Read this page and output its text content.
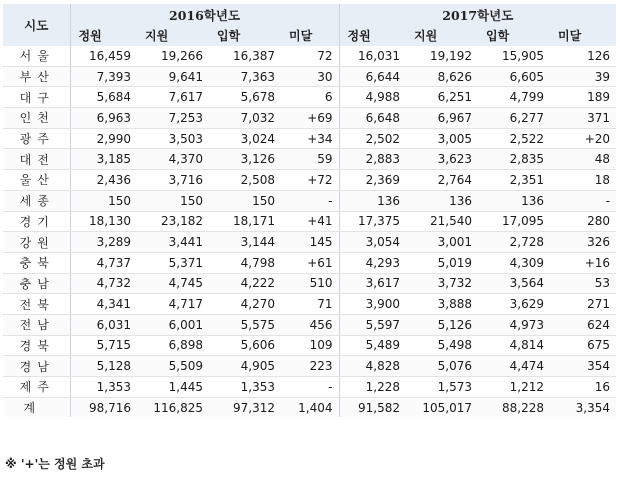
시도	2016학년도				2017학년도			
	정원	지원	입학	미달	정원	지원	입학	미달
서울	16,459	19,266	16,387	72	16,031	19,192	15,905	126
부산	7,393	9,641	7,363	30	6,644	8,626	6,605	39
대구	5,684	7,617	5,678	6	4,988	6,251	4,799	189
인천	6,963	7,253	7,032	+69	6,648	6,967	6,277	371
광주	2,990	3,503	3,024	+34	2,502	3,005	2,522	+20
대전	3,185	4,370	3,126	59	2,883	3,623	2,835	48
울산	2,436	3,716	2,508	+72	2,369	2,764	2,351	18
세종	150	150	150	-	136	136	136	-
경기	18,130	23,182	18,171	+41	17,375	21,540	17,095	280
강원	3,289	3,441	3,144	145	3,054	3,001	2,728	326
충북	4,737	5,371	4,798	+61	4,293	5,019	4,309	+16
충남	4,732	4,745	4,222	510	3,617	3,732	3,564	53
전북	4,341	4,717	4,270	71	3,900	3,888	3,629	271
전남	6,031	6,001	5,575	456	5,597	5,126	4,973	624
경북	5,715	6,898	5,606	109	5,489	5,498	4,814	675
경남	5,128	5,509	4,905	223	4,828	5,076	4,474	354
제주	1,353	1,445	1,353	-	1,228	1,573	1,212	16
계	98,716	116,825	97,312	1,404	91,582	105,017	88,228	3,354
※ '+'는 정원 초과
